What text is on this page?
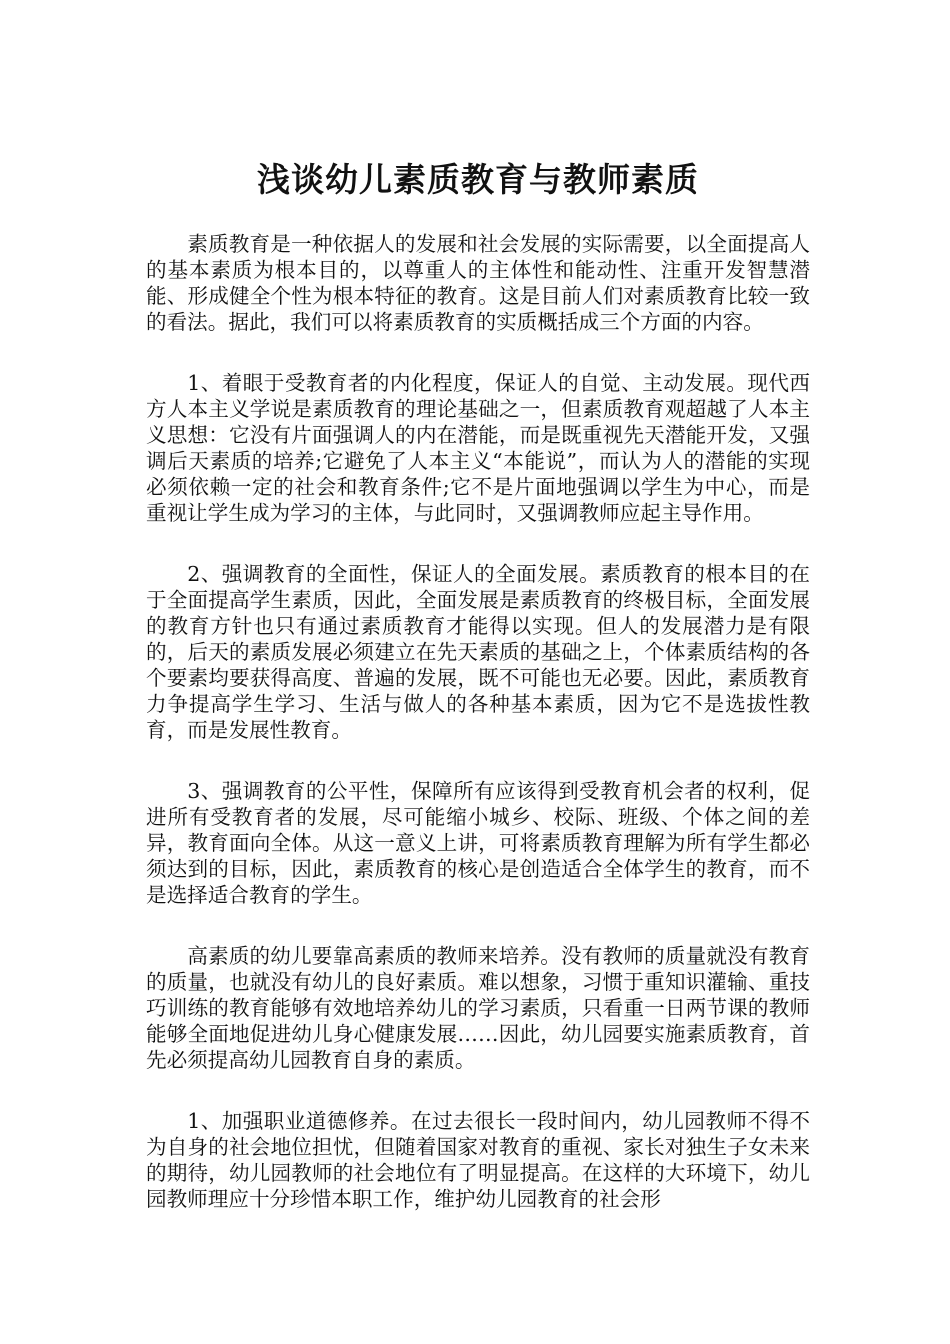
浅谈幼儿素质教育与教师素质

素质教育是一种依据人的发展和社会发展的实际需要，以全面提高人的基本素质为根本目的，以尊重人的主体性和能动性、注重开发智慧潜能、形成健全个性为根本特征的教育。这是目前人们对素质教育比较一致的看法。据此，我们可以将素质教育的实质概括成三个方面的内容。

1、着眼于受教育者的内化程度，保证人的自觉、主动发展。现代西方人本主义学说是素质教育的理论基础之一，但素质教育观超越了人本主义思想：它没有片面强调人的内在潜能，而是既重视先天潜能开发，又强调后天素质的培养;它避免了人本主义“本能说”，而认为人的潜能的实现必须依赖一定的社会和教育条件;它不是片面地强调以学生为中心，而是重视让学生成为学习的主体，与此同时，又强调教师应起主导作用。

2、强调教育的全面性，保证人的全面发展。素质教育的根本目的在于全面提高学生素质，因此，全面发展是素质教育的终极目标，全面发展的教育方针也只有通过素质教育才能得以实现。但人的发展潜力是有限的，后天的素质发展必须建立在先天素质的基础之上，个体素质结构的各个要素均要获得高度、普遍的发展，既不可能也无必要。因此，素质教育力争提高学生学习、生活与做人的各种基本素质，因为它不是选拔性教育，而是发展性教育。

3、强调教育的公平性，保障所有应该得到受教育机会者的权利，促进所有受教育者的发展，尽可能缩小城乡、校际、班级、个体之间的差异，教育面向全体。从这一意义上讲，可将素质教育理解为所有学生都必须达到的目标，因此，素质教育的核心是创造适合全体学生的教育，而不是选择适合教育的学生。

高素质的幼儿要靠高素质的教师来培养。没有教师的质量就没有教育的质量，也就没有幼儿的良好素质。难以想象，习惯于重知识灌输、重技巧训练的教育能够有效地培养幼儿的学习素质，只看重一日两节课的教师能够全面地促进幼儿身心健康发展……因此，幼儿园要实施素质教育，首先必须提高幼儿园教育自身的素质。

1、加强职业道德修养。在过去很长一段时间内，幼儿园教师不得不为自身的社会地位担忧，但随着国家对教育的重视、家长对独生子女未来的期待，幼儿园教师的社会地位有了明显提高。在这样的大环境下，幼儿园教师理应十分珍惜本职工作，维护幼儿园教育的社会形
